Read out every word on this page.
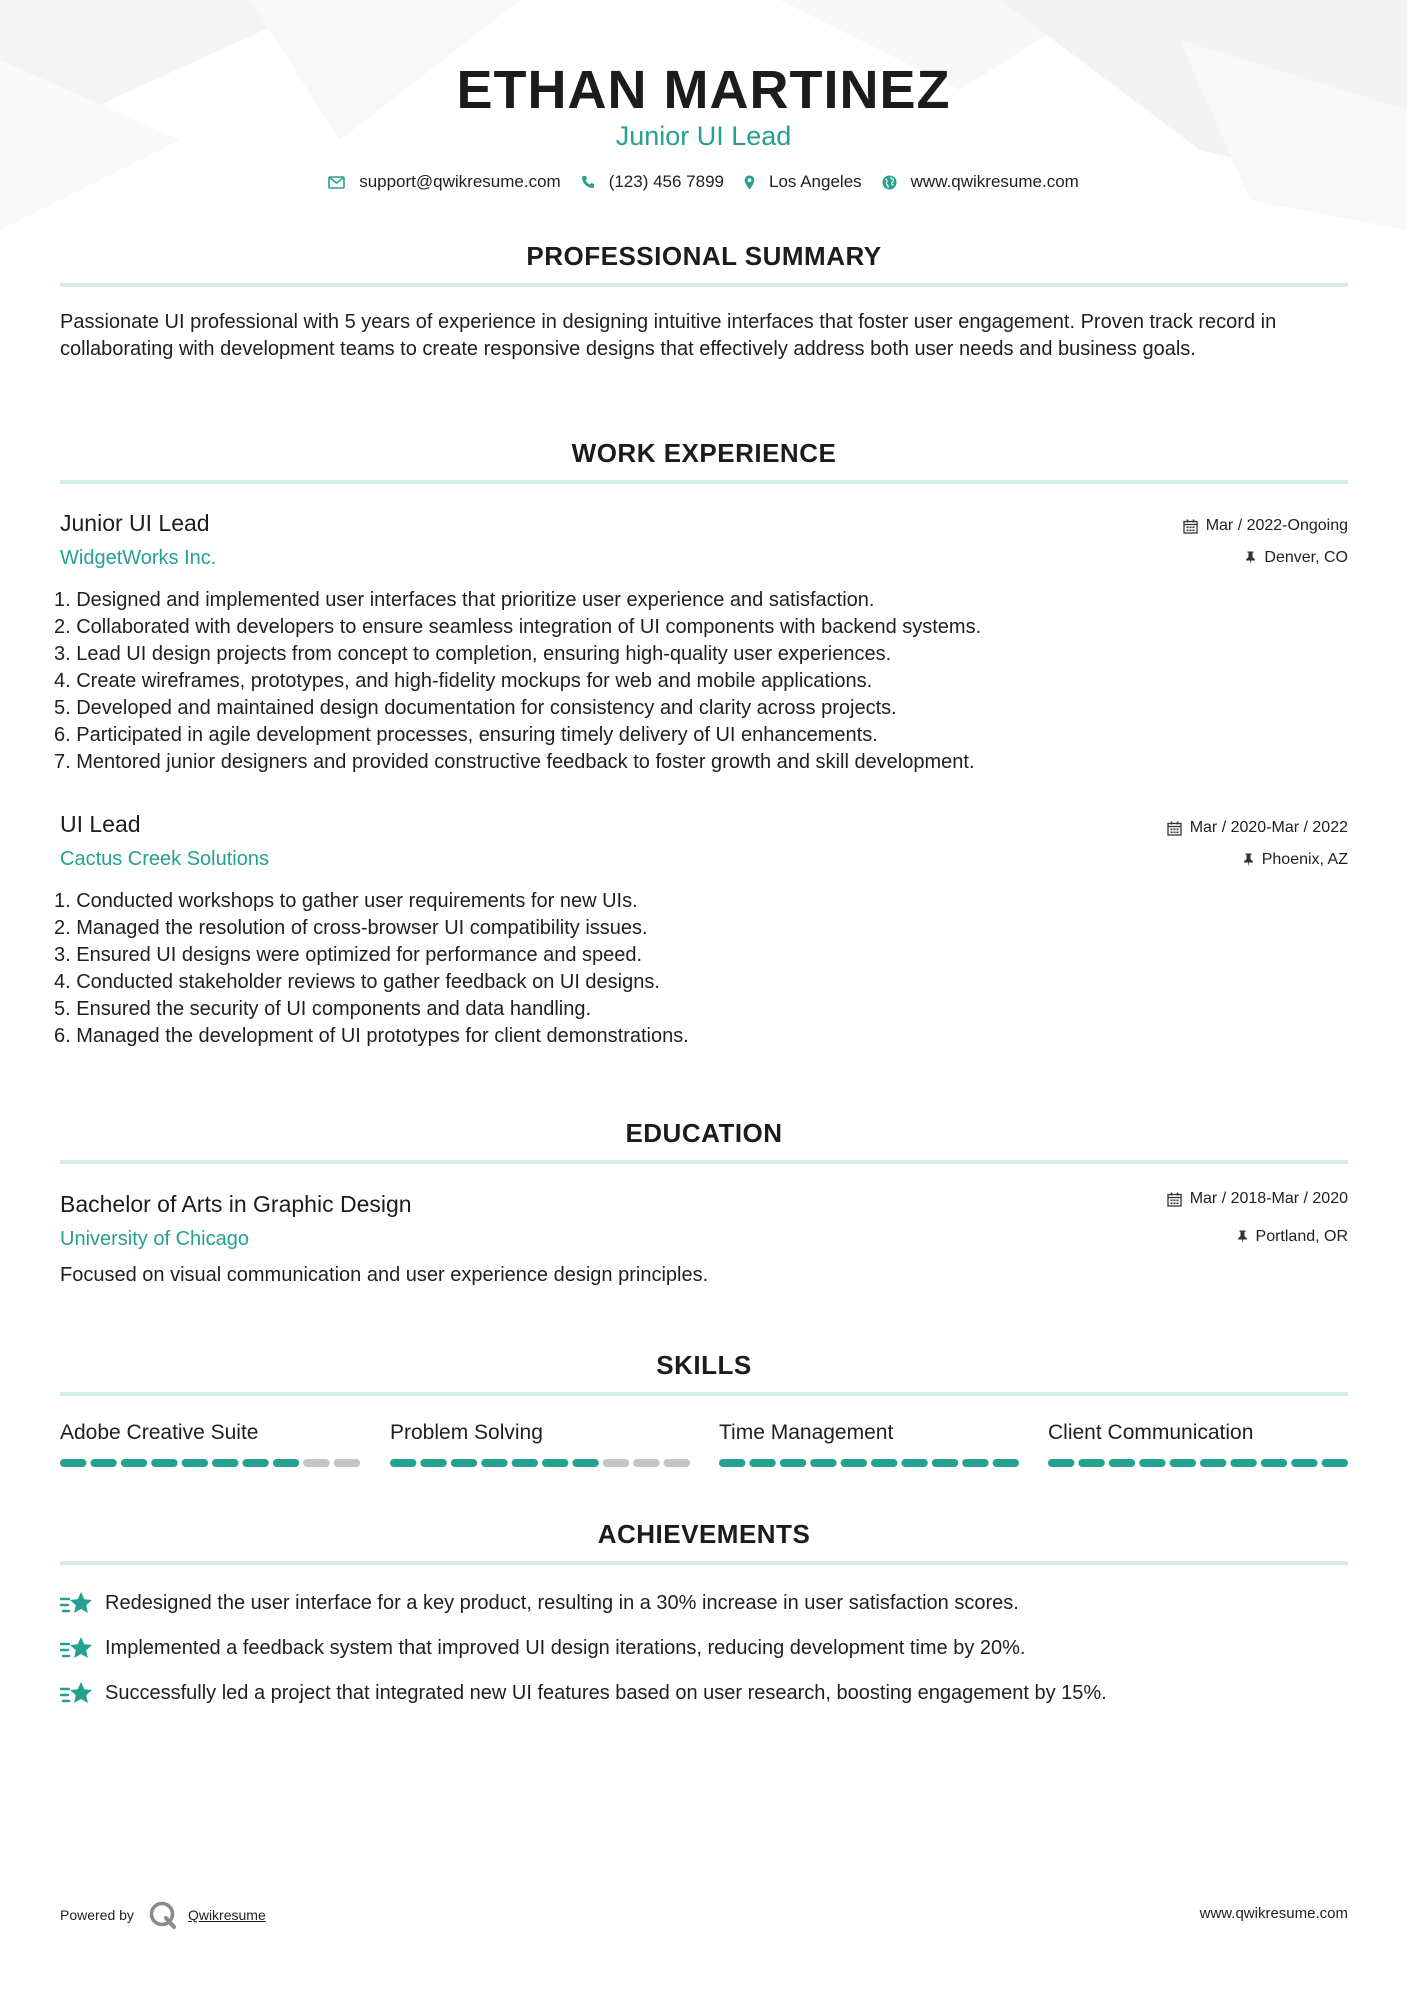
ETHAN MARTINEZ
Junior UI Lead
support@qwikresume.com	(123) 456 7899	Los Angeles	www.qwikresume.com
PROFESSIONAL SUMMARY
Passionate UI professional with 5 years of experience in designing intuitive interfaces that foster user engagement. Proven track record in collaborating with development teams to create responsive designs that effectively address both user needs and business goals.
WORK EXPERIENCE
Junior UI Lead
WidgetWorks Inc.
Mar / 2022-Ongoing
Denver, CO
1. Designed and implemented user interfaces that prioritize user experience and satisfaction.
2. Collaborated with developers to ensure seamless integration of UI components with backend systems.
3. Lead UI design projects from concept to completion, ensuring high-quality user experiences.
4. Create wireframes, prototypes, and high-fidelity mockups for web and mobile applications.
5. Developed and maintained design documentation for consistency and clarity across projects.
6. Participated in agile development processes, ensuring timely delivery of UI enhancements.
7. Mentored junior designers and provided constructive feedback to foster growth and skill development.
UI Lead
Cactus Creek Solutions
Mar / 2020-Mar / 2022
Phoenix, AZ
1. Conducted workshops to gather user requirements for new UIs.
2. Managed the resolution of cross-browser UI compatibility issues.
3. Ensured UI designs were optimized for performance and speed.
4. Conducted stakeholder reviews to gather feedback on UI designs.
5. Ensured the security of UI components and data handling.
6. Managed the development of UI prototypes for client demonstrations.
EDUCATION
Bachelor of Arts in Graphic Design
University of Chicago
Mar / 2018-Mar / 2020
Portland, OR
Focused on visual communication and user experience design principles.
SKILLS
Adobe Creative Suite	Problem Solving	Time Management	Client Communication
ACHIEVEMENTS
Redesigned the user interface for a key product, resulting in a 30% increase in user satisfaction scores.
Implemented a feedback system that improved UI design iterations, reducing development time by 20%.
Successfully led a project that integrated new UI features based on user research, boosting engagement by 15%.
Powered by	Qwikresume	www.qwikresume.com
